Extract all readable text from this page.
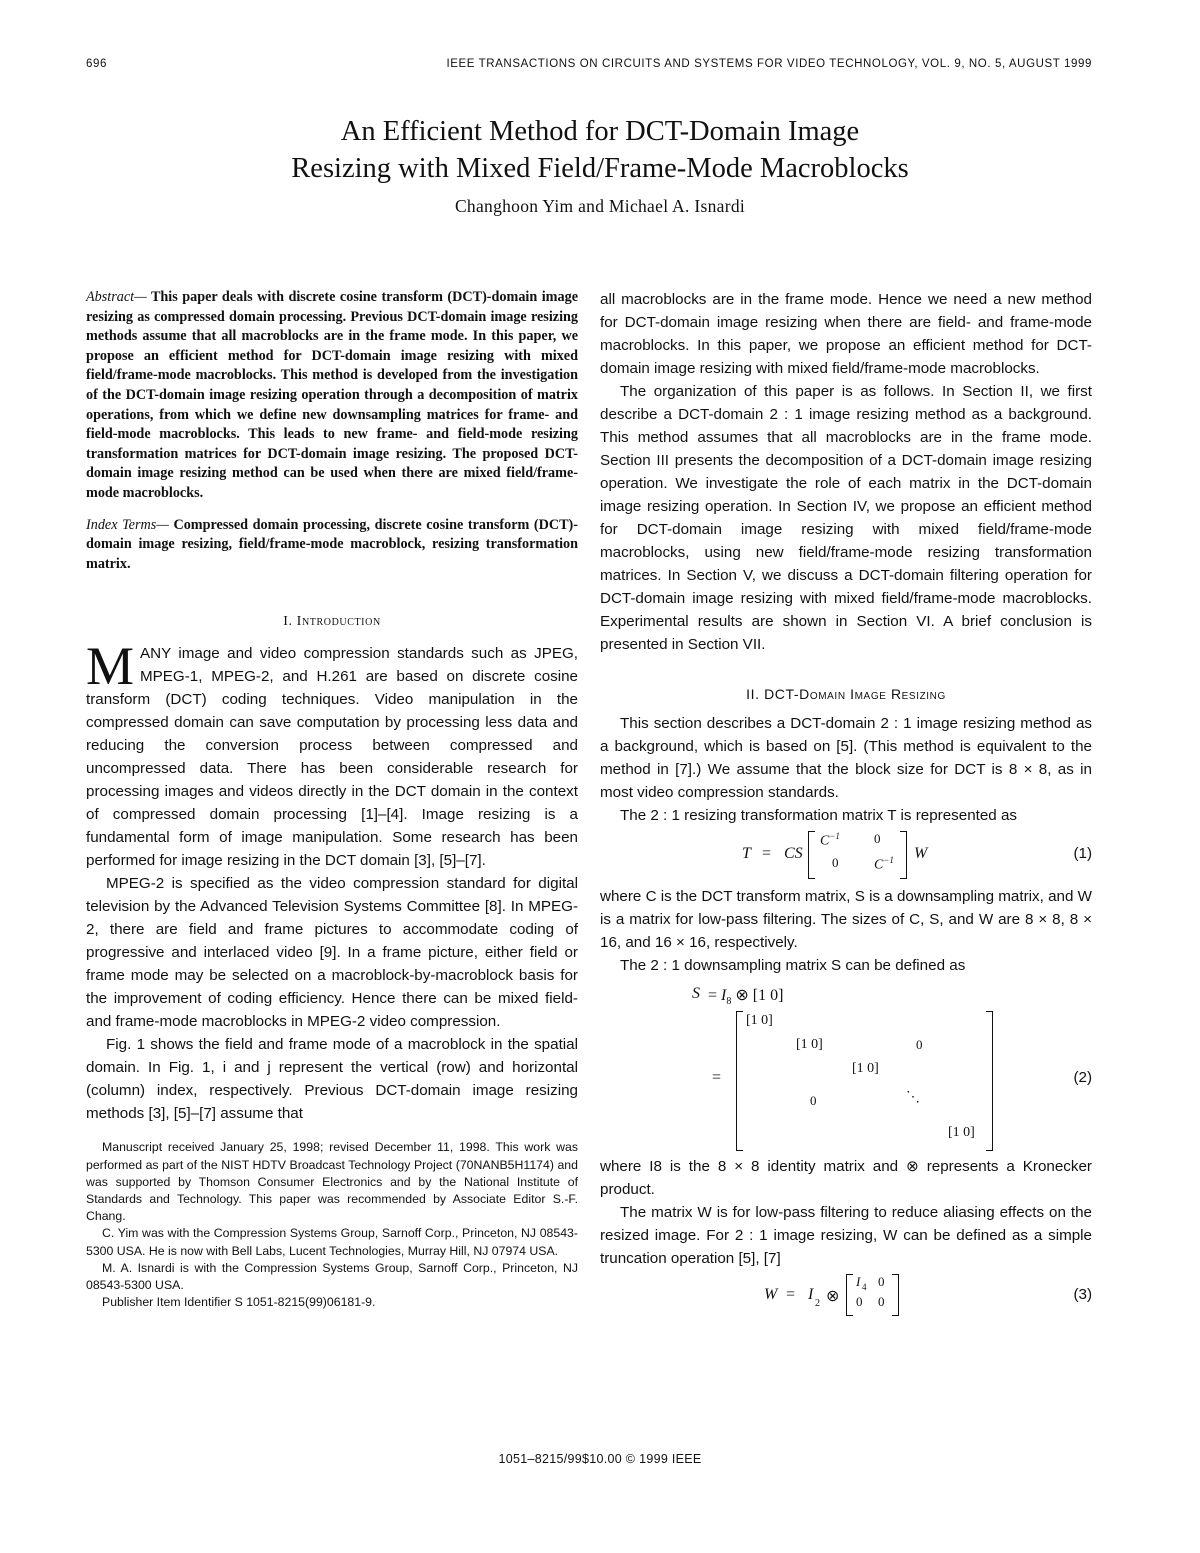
696	IEEE TRANSACTIONS ON CIRCUITS AND SYSTEMS FOR VIDEO TECHNOLOGY, VOL. 9, NO. 5, AUGUST 1999
An Efficient Method for DCT-Domain Image
Resizing with Mixed Field/Frame-Mode Macroblocks
Changhoon Yim and Michael A. Isnardi

Abstract— This paper deals with discrete cosine transform (DCT)-domain image resizing as compressed domain processing. Previous DCT-domain image resizing methods assume that all macroblocks are in the frame mode. In this paper, we propose an efficient method for DCT-domain image resizing with mixed field/frame-mode macroblocks. This method is developed from the investigation of the DCT-domain image resizing operation through a decomposition of matrix operations, from which we define new downsampling matrices for frame- and field-mode macroblocks. This leads to new frame- and field-mode resizing transformation matrices for DCT-domain image resizing. The proposed DCT-domain image resizing method can be used when there are mixed field/frame-mode macroblocks.

Index Terms— Compressed domain processing, discrete cosine transform (DCT)-domain image resizing, field/frame-mode macroblock, resizing transformation matrix.

I. Introduction

MANY image and video compression standards such as JPEG, MPEG-1, MPEG-2, and H.261 are based on discrete cosine transform (DCT) coding techniques. Video manipulation in the compressed domain can save computation by processing less data and reducing the conversion process between compressed and uncompressed data. There has been considerable research for processing images and videos directly in the DCT domain in the context of compressed domain processing [1]–[4]. Image resizing is a fundamental form of image manipulation. Some research has been performed for image resizing in the DCT domain [3], [5]–[7].

MPEG-2 is specified as the video compression standard for digital television by the Advanced Television Systems Committee [8]. In MPEG-2, there are field and frame pictures to accommodate coding of progressive and interlaced video [9]. In a frame picture, either field or frame mode may be selected on a macroblock-by-macroblock basis for the improvement of coding efficiency. Hence there can be mixed field- and frame-mode macroblocks in MPEG-2 video compression.

Fig. 1 shows the field and frame mode of a macroblock in the spatial domain. In Fig. 1, i and j represent the vertical (row) and horizontal (column) index, respectively. Previous DCT-domain image resizing methods [3], [5]–[7] assume that

Manuscript received January 25, 1998; revised December 11, 1998. This work was performed as part of the NIST HDTV Broadcast Technology Project (70NANB5H1174) and was supported by Thomson Consumer Electronics and by the National Institute of Standards and Technology. This paper was recommended by Associate Editor S.-F. Chang.

C. Yim was with the Compression Systems Group, Sarnoff Corp., Princeton, NJ 08543-5300 USA. He is now with Bell Labs, Lucent Technologies, Murray Hill, NJ 07974 USA.

M. A. Isnardi is with the Compression Systems Group, Sarnoff Corp., Princeton, NJ 08543-5300 USA.

Publisher Item Identifier S 1051-8215(99)06181-9.

all macroblocks are in the frame mode. Hence we need a new method for DCT-domain image resizing when there are field- and frame-mode macroblocks. In this paper, we propose an efficient method for DCT-domain image resizing with mixed field/frame-mode macroblocks.

The organization of this paper is as follows. In Section II, we first describe a DCT-domain 2 : 1 image resizing method as a background. This method assumes that all macroblocks are in the frame mode. Section III presents the decomposition of a DCT-domain image resizing operation. We investigate the role of each matrix in the DCT-domain image resizing operation. In Section IV, we propose an efficient method for DCT-domain image resizing with mixed field/frame-mode macroblocks, using new field/frame-mode resizing transformation matrices. In Section V, we discuss a DCT-domain filtering operation for DCT-domain image resizing with mixed field/frame-mode macroblocks. Experimental results are shown in Section VI. A brief conclusion is presented in Section VII.

II. DCT-Domain Image Resizing

This section describes a DCT-domain 2 : 1 image resizing method as a background, which is based on [5]. (This method is equivalent to the method in [7].) We assume that the block size for DCT is 8 × 8, as in most video compression standards.

The 2 : 1 resizing transformation matrix T is represented as

T = CS
$C^{-1}$	0
0	$C^{-1}$ W	(1)

where C is the DCT transform matrix, S is a downsampling matrix, and W is a matrix for low-pass filtering. The sizes of C, S, and W are 8 × 8, 8 × 16, and 16 × 16, respectively.

The 2 : 1 downsampling matrix S can be defined as

$S = I_8$ ⊗ [1 0]
=
[1 0]
[1 0]	0
[1 0]
0	⋱
[1 0]
(2)

where I8 is the 8 × 8 identity matrix and ⊗ represents a Kronecker product.

The matrix W is for low-pass filtering to reduce aliasing effects on the resized image. For 2 : 1 image resizing, W can be defined as a simple truncation operation [5], [7]

W = I
2 ⊗
I 4 0
0 0	(3)
1051–8215/99$10.00 © 1999 IEEE
